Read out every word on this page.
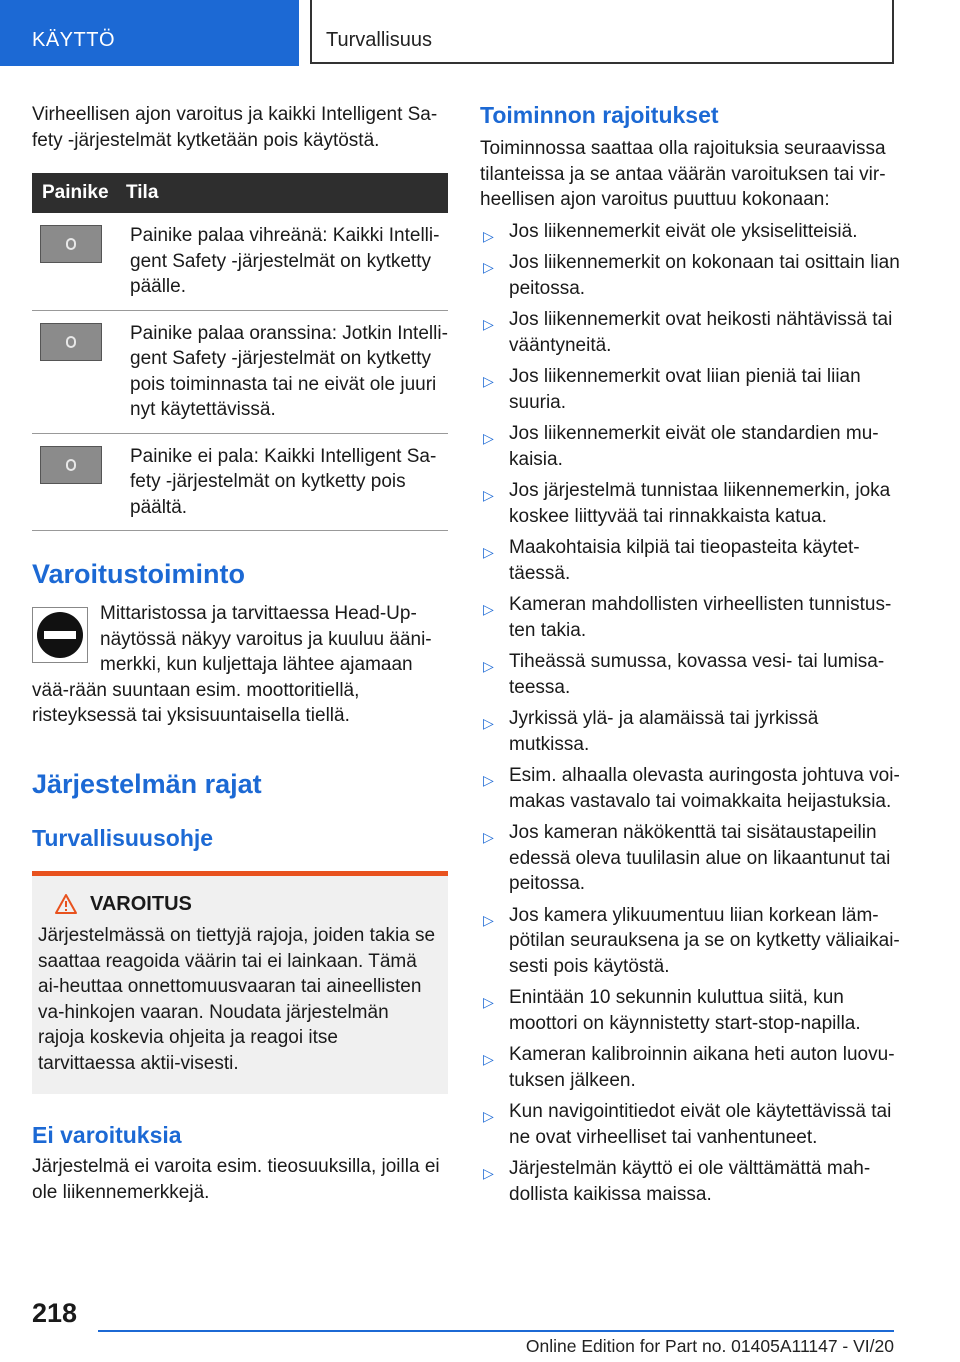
KÄYTTÖ	Turvallisuus

Virheellisen ajon varoitus ja kaikki Intelligent Sa-fety -järjestelmät kytketään pois käytöstä.

Painike	Tila

	Painike palaa vihreänä: Kaikki Intelli-gent Safety -järjestelmät on kytketty päälle.

	Painike palaa oranssina: Jotkin Intelli-gent Safety -järjestelmät on kytketty pois toiminnasta tai ne eivät ole juuri nyt käytettävissä.

	Painike ei pala: Kaikki Intelligent Sa-fety -järjestelmät on kytketty pois päältä.
Varoitustoiminto

Mittaristossa ja tarvittaessa Head-Up-näytössä näkyy varoitus ja kuuluu ääni-merkki, kun kuljettaja lähtee ajamaan vää-rään suuntaan esim. moottoritiellä, risteyksessä tai yksisuuntaisella tiellä.

Järjestelmän rajat
Turvallisuusohje
VAROITUS

Järjestelmässä on tiettyjä rajoja, joiden takia se saattaa reagoida väärin tai ei lainkaan. Tämä ai-heuttaa onnettomuusvaaran tai aineellisten va-hinkojen vaaran. Noudata järjestelmän rajoja koskevia ohjeita ja reagoi itse tarvittaessa aktii-visesti.

Ei varoituksia

Järjestelmä ei varoita esim. tieosuuksilla, joilla ei ole liikennemerkkejä.

Toiminnon rajoitukset

Toiminnossa saattaa olla rajoituksia seuraavissa tilanteissa ja se antaa väärän varoituksen tai vir-heellisen ajon varoitus puuttuu kokonaan:

▷ Jos liikennemerkit eivät ole yksiselitteisiä.
▷ Jos liikennemerkit on kokonaan tai osittain lian peitossa.
▷ Jos liikennemerkit ovat heikosti nähtävissä tai vääntyneitä.
▷ Jos liikennemerkit ovat liian pieniä tai liian suuria.
▷ Jos liikennemerkit eivät ole standardien mu-kaisia.
▷ Jos järjestelmä tunnistaa liikennemerkin, joka koskee liittyvää tai rinnakkaista katua.
▷ Maakohtaisia kilpiä tai tieopasteita käytet-täessä.
▷ Kameran mahdollisten virheellisten tunnistus-ten takia.
▷ Tiheässä sumussa, kovassa vesi- tai lumisa-teessa.
▷ Jyrkissä ylä- ja alamäissä tai jyrkissä mutkissa.
▷ Esim. alhaalla olevasta auringosta johtuva voi-makas vastavalo tai voimakkaita heijastuksia.
▷ Jos kameran näkökenttä tai sisätaustapeilin edessä oleva tuulilasin alue on likaantunut tai peitossa.
▷ Jos kamera ylikuumentuu liian korkean läm-pötilan seurauksena ja se on kytketty väliaikai-sesti pois käytöstä.
▷ Enintään 10 sekunnin kuluttua siitä, kun moottori on käynnistetty start-stop-napilla.
▷ Kameran kalibroinnin aikana heti auton luovu-tuksen jälkeen.
▷ Kun navigointitiedot eivät ole käytettävissä tai ne ovat virheelliset tai vanhentuneet.
▷ Järjestelmän käyttö ei ole välttämättä mah-dollista kaikissa maissa.
218
Online Edition for Part no. 01405A11147 - VI/20
